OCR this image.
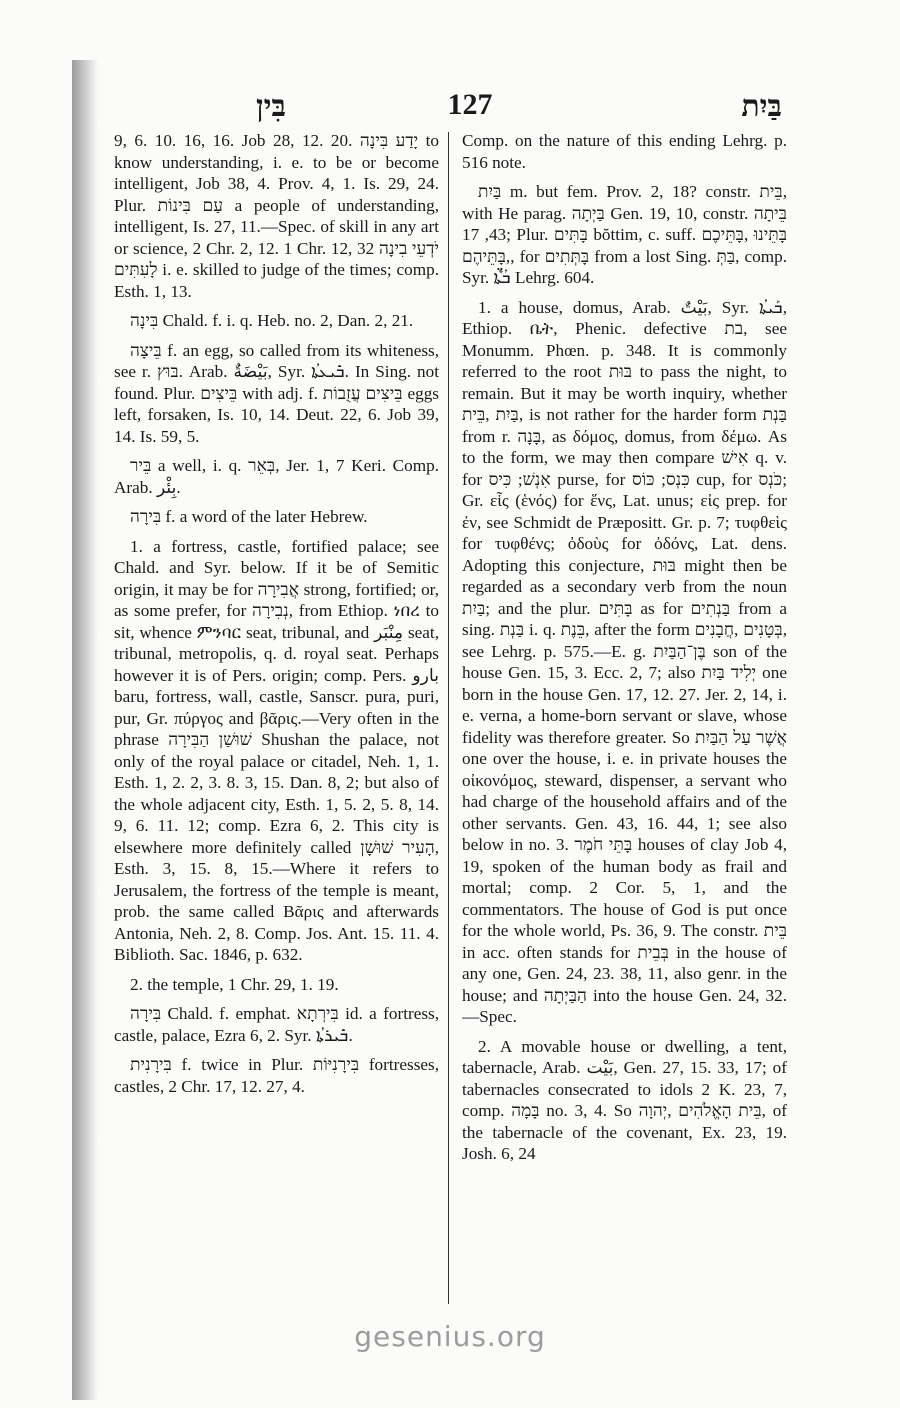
בִּין	127	בַּיִת

9, 6. 10. 16, 16. Job 28, 12. 20. יָדַע בִּינָה to know understanding, i. e. to be or become intelligent, Job 38, 4. Prov. 4, 1. Is. 29, 24. Plur. עַם בִּינוֹת a people of understanding, intelligent, Is. 27, 11.—Spec. of skill in any art or science, 2 Chr. 2, 12. 1 Chr. 12, 32 יֹדְעֵי בִינָה לָעִתִּים i. e. skilled to judge of the times; comp. Esth. 1, 13.

בִּינָה Chald. f. i. q. Heb. no. 2, Dan. 2, 21.

בֵּיצָה f. an egg, so called from its whiteness, see r. בּוּץ. Arab. بَيْضَةٌ, Syr. ܒܺܝܥܬܳܐ. In Sing. not found. Plur. בֵּיצִים with adj. f. בֵּיצִים עֲזֻבוֹת eggs left, forsaken, Is. 10, 14. Deut. 22, 6. Job 39, 14. Is. 59, 5.

בֵּיר a well, i. q. בְּאֵר, Jer. 1, 7 Keri. Comp. Arab. بِئْر.

בִּירָה f. a word of the later Hebrew.

1. a fortress, castle, fortified palace; see Chald. and Syr. below. If it be of Semitic origin, it may be for אֲבִירָה strong, fortified; or, as some prefer, for נְבִירָה, from Ethiop. ነበረ to sit, whence ምንባር seat, tribunal, and مِنْبَر seat, tribunal, metropolis, q. d. royal seat. Perhaps however it is of Pers. origin; comp. Pers. بارو baru, fortress, wall, castle, Sanscr. pura, puri, pur, Gr. πύργος and βᾶρις.—Very often in the phrase שׁוּשַׁן הַבִּירָה Shushan the palace, not only of the royal palace or citadel, Neh. 1, 1. Esth. 1, 2. 2, 3. 8. 3, 15. Dan. 8, 2; but also of the whole adjacent city, Esth. 1, 5. 2, 5. 8, 14. 9, 6. 11. 12; comp. Ezra 6, 2. This city is elsewhere more definitely called הָעִיר שׁוּשָׁן, Esth. 3, 15. 8, 15.—Where it refers to Jerusalem, the fortress of the temple is meant, prob. the same called Βᾶρις and afterwards Antonia, Neh. 2, 8. Comp. Jos. Ant. 15. 11. 4. Biblioth. Sac. 1846, p. 632.

2. the temple, 1 Chr. 29, 1. 19.

בִּירָה Chald. f. emphat. בִּירְתָא id. a fortress, castle, palace, Ezra 6, 2. Syr. ܒܺܝܪܬܳܐ.

בִּירָנִית f. twice in Plur. בִּירָנִיּוֹת fortresses, castles, 2 Chr. 17, 12. 27, 4.

Comp. on the nature of this ending Lehrg. p. 516 note.

בַּיִת m. but fem. Prov. 2, 18? constr. בֵּית, with He parag. בַּיְתָה Gen. 19, 10, constr. בֵּיתָה 43, 17; Plur. בָּתִּים bŏttim, c. suff. בָּתֵּינוּ ,בָּתֵּיכֶם ,בָּתֵּיהֶם, for בָּתְּתִים from a lost Sing. בַּתְּ, comp. Syr. ܒܳܬ̈ܶܐ Lehrg. 604.

1. a house, domus, Arab. بَيْتٌ, Syr. ܒܰܝܬܳܐ, Ethiop. ቤት, Phenic. defective בת, see Monumm. Phœn. p. 348. It is commonly referred to the root בּוּת to pass the night, to remain. But it may be worth inquiry, whether בַּיִת ,בֵּית, is not rather for the harder form בַּנְת from r. בָּנָה, as δόμος, domus, from δέμω. As to the form, we may then compare אִישׁ q. v. for אִנְשׁ; כִּיס purse, for כִּנְס; כּוֹס cup, for כֹּנְס; Gr. εἷς (ἑνός) for ἕνς, Lat. unus; εἰς prep. for ἐν, see Schmidt de Præpositt. Gr. p. 7; τυφθεὶς for τυφθένς; ὀδοὺς for ὀδόνς, Lat. dens. Adopting this conjecture, בּוּת might then be regarded as a secondary verb from the noun בַּיִת; and the plur. בָּתִּים as for בַּנְתִים from a sing. בַּנְת i. q. בֵּנֶת, after the form בְּטָנִים ,חֲבָנִים, see Lehrg. p. 575.—E. g. בֶּן־הַבַּיִת son of the house Gen. 15, 3. Ecc. 2, 7; also יְלִיד בַּיִת one born in the house Gen. 17, 12. 27. Jer. 2, 14, i. e. verna, a home-born servant or slave, whose fidelity was therefore greater. So אֲשֶׁר עַל הַבַּיִת one over the house, i. e. in private houses the οἰκονόμος, steward, dispenser, a servant who had charge of the household affairs and of the other servants. Gen. 43, 16. 44, 1; see also below in no. 3. בָּתֵּי חֹמֶר houses of clay Job 4, 19, spoken of the human body as frail and mortal; comp. 2 Cor. 5, 1, and the commentators. The house of God is put once for the whole world, Ps. 36, 9. The constr. בֵּית in acc. often stands for בְּבֵית in the house of any one, Gen. 24, 23. 38, 11, also genr. in the house; and הַבַּיְתָה into the house Gen. 24, 32.—Spec.

2. A movable house or dwelling, a tent, tabernacle, Arab. بَيْت, Gen. 27, 15. 33, 17; of tabernacles consecrated to idols 2 K. 23, 7, comp. בָּמָה no. 3, 4. So בֵּית הָאֱלֹהִים ,יְהוָה, of the tabernacle of the covenant, Ex. 23, 19. Josh. 6, 24

gesenius.org
